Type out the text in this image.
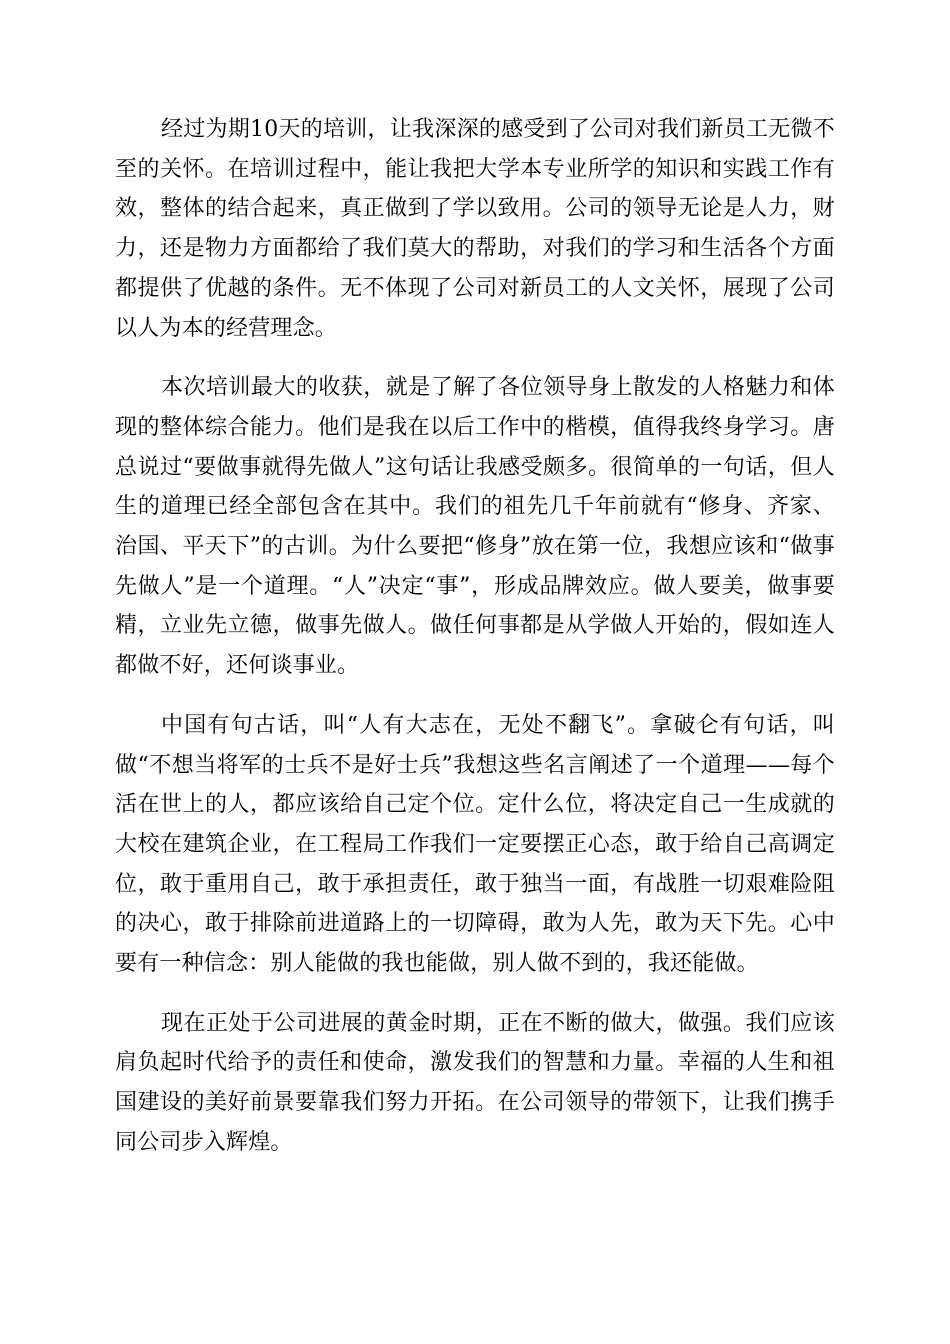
经过为期10天的培训，让我深深的感受到了公司对我们新员工无微不至的关怀。在培训过程中，能让我把大学本专业所学的知识和实践工作有效，整体的结合起来，真正做到了学以致用。公司的领导无论是人力，财力，还是物力方面都给了我们莫大的帮助，对我们的学习和生活各个方面都提供了优越的条件。无不体现了公司对新员工的人文关怀，展现了公司以人为本的经营理念。

本次培训最大的收获，就是了解了各位领导身上散发的人格魅力和体现的整体综合能力。他们是我在以后工作中的楷模，值得我终身学习。唐总说过“要做事就得先做人”这句话让我感受颇多。很简单的一句话，但人生的道理已经全部包含在其中。我们的祖先几千年前就有“修身、齐家、治国、平天下”的古训。为什么要把“修身”放在第一位，我想应该和“做事先做人”是一个道理。“人”决定“事”，形成品牌效应。做人要美，做事要精，立业先立德，做事先做人。做任何事都是从学做人开始的，假如连人都做不好，还何谈事业。

中国有句古话，叫“人有大志在，无处不翻飞”。拿破仑有句话，叫做“不想当将军的士兵不是好士兵”我想这些名言阐述了一个道理——每个活在世上的人，都应该给自己定个位。定什么位，将决定自己一生成就的大校在建筑企业，在工程局工作我们一定要摆正心态，敢于给自己高调定位，敢于重用自己，敢于承担责任，敢于独当一面，有战胜一切艰难险阻的决心，敢于排除前进道路上的一切障碍，敢为人先，敢为天下先。心中要有一种信念：别人能做的我也能做，别人做不到的，我还能做。

现在正处于公司进展的黄金时期，正在不断的做大，做强。我们应该肩负起时代给予的责任和使命，激发我们的智慧和力量。幸福的人生和祖国建设的美好前景要靠我们努力开拓。在公司领导的带领下，让我们携手同公司步入辉煌。
